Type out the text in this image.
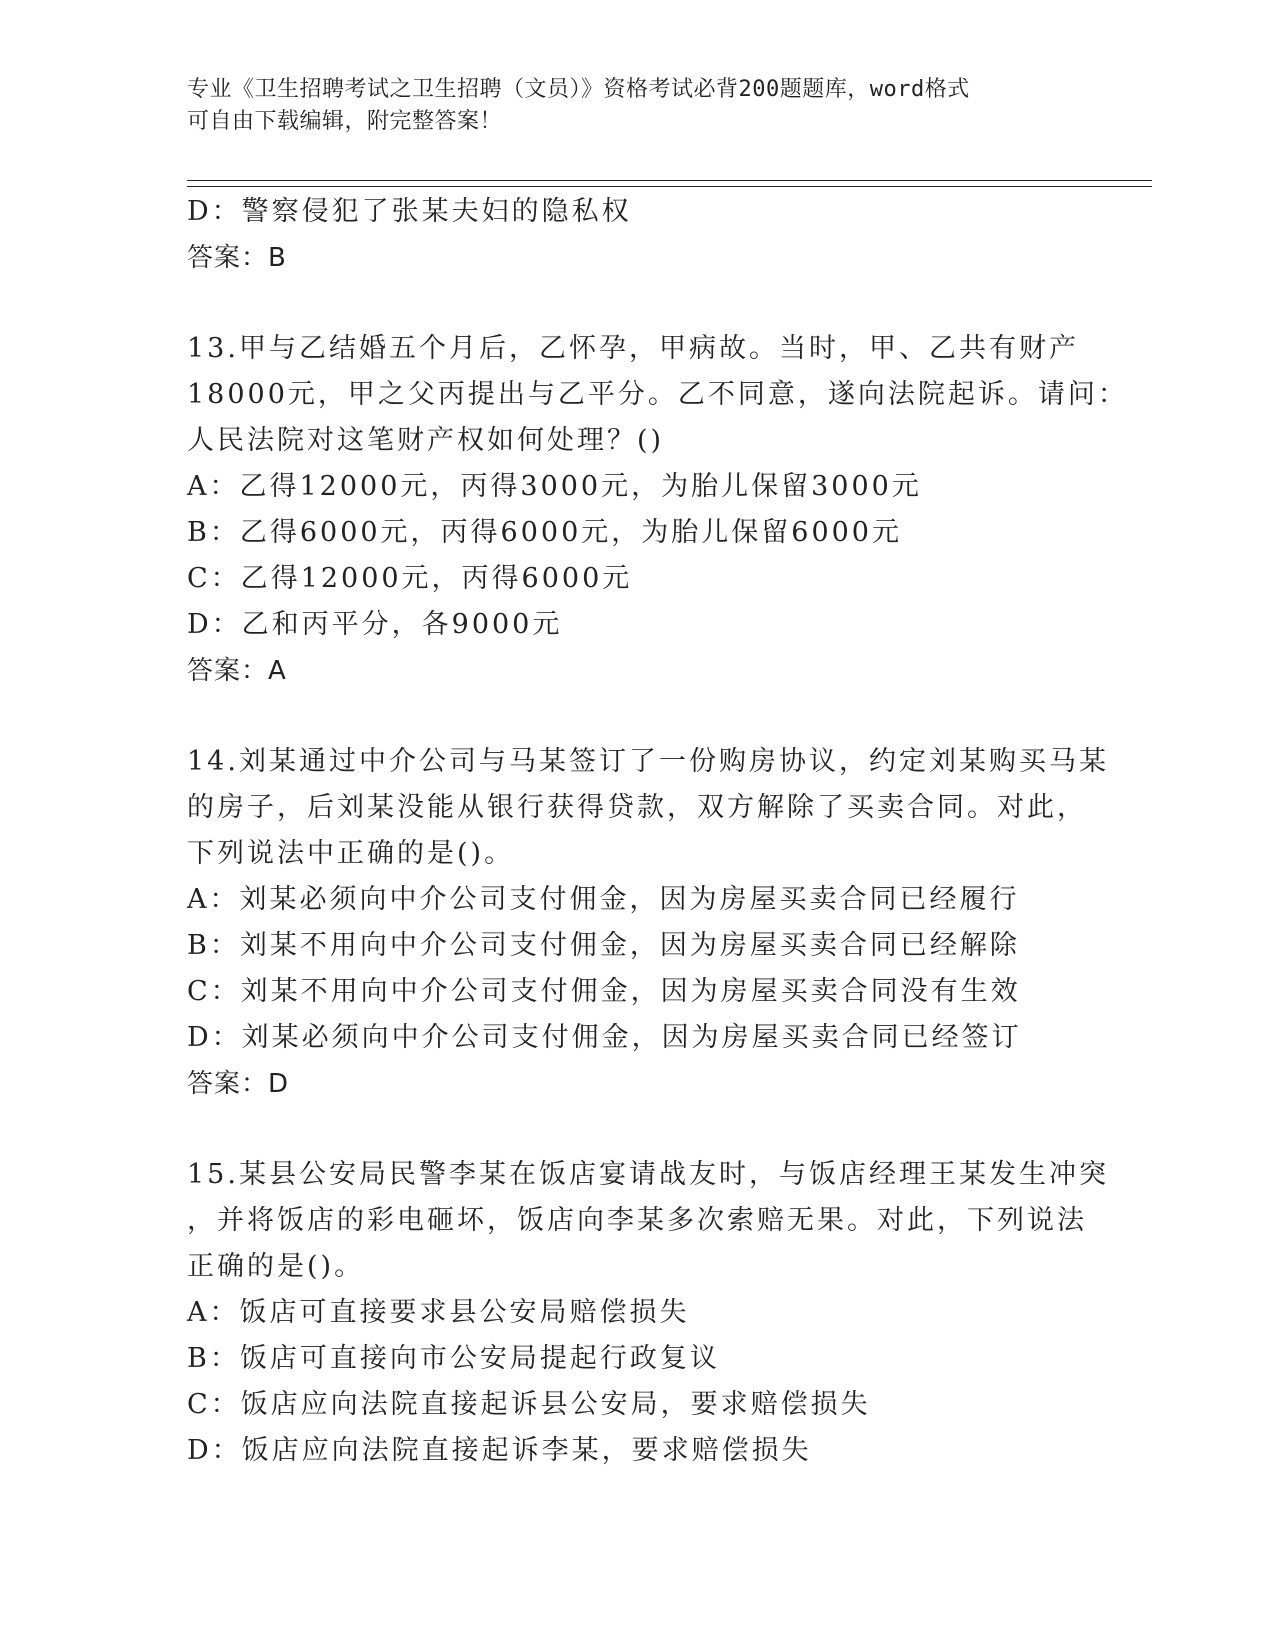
专业《卫生招聘考试之卫生招聘（文员）》资格考试必背200题题库，word格式
可自由下载编辑，附完整答案！
D：警察侵犯了张某夫妇的隐私权
答案：B
13.甲与乙结婚五个月后，乙怀孕，甲病故。当时，甲、乙共有财产
18000元，甲之父丙提出与乙平分。乙不同意，遂向法院起诉。请问：
人民法院对这笔财产权如何处理？()
A：乙得12000元，丙得3000元，为胎儿保留3000元
B：乙得6000元，丙得6000元，为胎儿保留6000元
C：乙得12000元，丙得6000元
D：乙和丙平分，各9000元
答案：A
14.刘某通过中介公司与马某签订了一份购房协议，约定刘某购买马某
的房子，后刘某没能从银行获得贷款，双方解除了买卖合同。对此，
下列说法中正确的是()。
A：刘某必须向中介公司支付佣金，因为房屋买卖合同已经履行
B：刘某不用向中介公司支付佣金，因为房屋买卖合同已经解除
C：刘某不用向中介公司支付佣金，因为房屋买卖合同没有生效
D：刘某必须向中介公司支付佣金，因为房屋买卖合同已经签订
答案：D
15.某县公安局民警李某在饭店宴请战友时，与饭店经理王某发生冲突
，并将饭店的彩电砸坏，饭店向李某多次索赔无果。对此，下列说法
正确的是()。
A：饭店可直接要求县公安局赔偿损失
B：饭店可直接向市公安局提起行政复议
C：饭店应向法院直接起诉县公安局，要求赔偿损失
D：饭店应向法院直接起诉李某，要求赔偿损失
